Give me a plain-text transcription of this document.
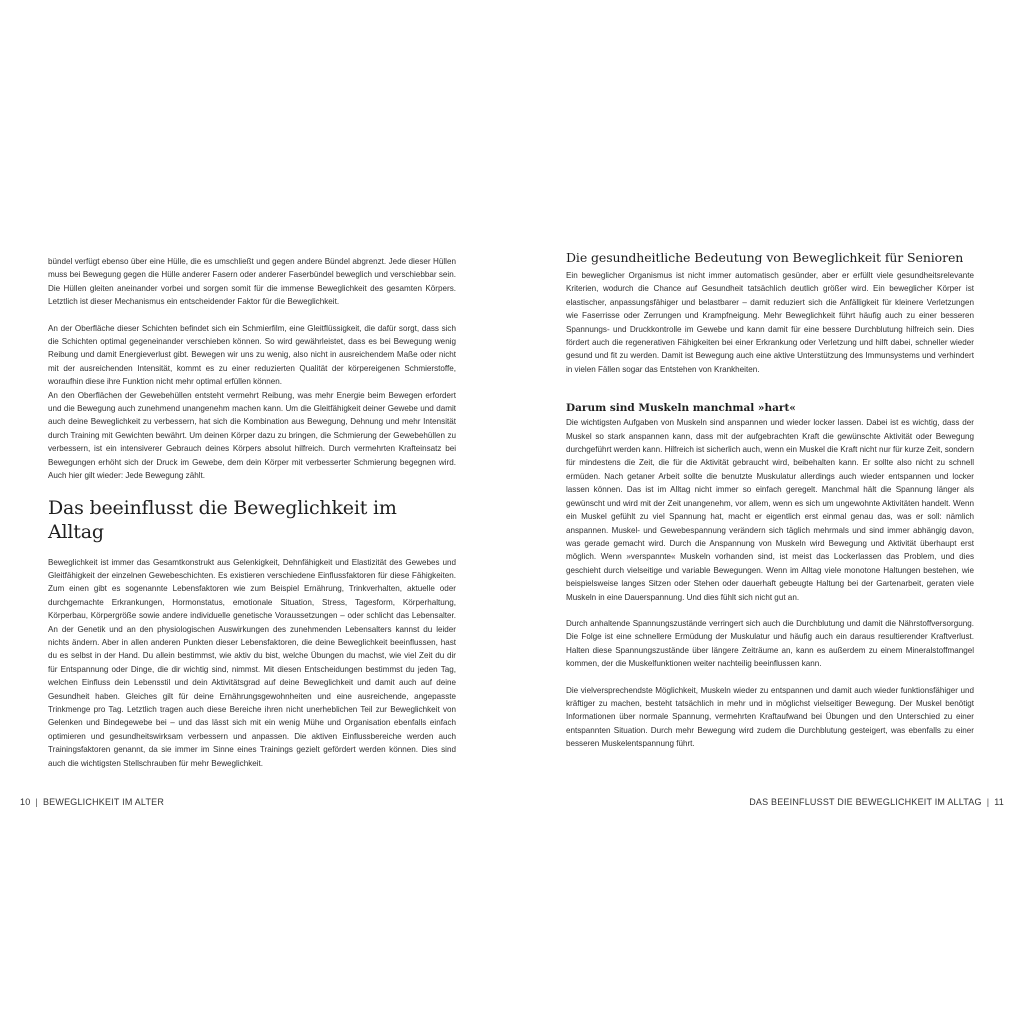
bündel verfügt ebenso über eine Hülle, die es umschließt und gegen andere Bündel abgrenzt. Jede dieser Hüllen muss bei Bewegung gegen die Hülle anderer Fasern oder anderer Faserbündel beweglich und verschiebbar sein. Die Hüllen gleiten aneinander vorbei und sorgen somit für die immense Beweglichkeit des gesamten Körpers. Letztlich ist dieser Mechanismus ein entscheidender Faktor für die Beweglichkeit.

An der Oberfläche dieser Schichten befindet sich ein Schmierfilm, eine Gleitflüssigkeit, die dafür sorgt, dass sich die Schichten optimal gegeneinander verschieben können. So wird gewährleistet, dass es bei Bewegung wenig Reibung und damit Energieverlust gibt. Bewegen wir uns zu wenig, also nicht in ausreichendem Maße oder nicht mit der ausreichenden Intensität, kommt es zu einer reduzierten Qualität der körpereigenen Schmierstoffe, woraufhin diese ihre Funktion nicht mehr optimal erfüllen können.

An den Oberflächen der Gewebehüllen entsteht vermehrt Reibung, was mehr Energie beim Bewegen erfordert und die Bewegung auch zunehmend unangenehm machen kann. Um die Gleitfähigkeit deiner Gewebe und damit auch deine Beweglichkeit zu verbessern, hat sich die Kombination aus Bewegung, Dehnung und mehr Intensität durch Training mit Gewichten bewährt. Um deinen Körper dazu zu bringen, die Schmierung der Gewebehüllen zu verbessern, ist ein intensiverer Gebrauch deines Körpers absolut hilfreich. Durch vermehrten Krafteinsatz bei Bewegungen erhöht sich der Druck im Gewebe, dem dein Körper mit verbesserter Schmierung begegnen wird. Auch hier gilt wieder: Jede Bewegung zählt.

Das beeinflusst die Beweglichkeit im Alltag

Beweglichkeit ist immer das Gesamtkonstrukt aus Gelenkigkeit, Dehnfähigkeit und Elastizität des Gewebes und Gleitfähigkeit der einzelnen Gewebeschichten. Es existieren verschiedene Einflussfaktoren für diese Fähigkeiten. Zum einen gibt es sogenannte Lebensfaktoren wie zum Beispiel Ernährung, Trinkverhalten, aktuelle oder durchgemachte Erkrankungen, Hormonstatus, emotionale Situation, Stress, Tagesform, Körperhaltung, Körperbau, Körpergröße sowie andere individuelle genetische Voraussetzungen – oder schlicht das Lebensalter. An der Genetik und an den physiologischen Auswirkungen des zunehmenden Lebensalters kannst du leider nichts ändern. Aber in allen anderen Punkten dieser Lebensfaktoren, die deine Beweglichkeit beeinflussen, hast du es selbst in der Hand. Du allein bestimmst, wie aktiv du bist, welche Übungen du machst, wie viel Zeit du dir für Entspannung oder Dinge, die dir wichtig sind, nimmst. Mit diesen Entscheidungen bestimmst du jeden Tag, welchen Einfluss dein Lebensstil und dein Aktivitätsgrad auf deine Beweglichkeit und damit auch auf deine Gesundheit haben. Gleiches gilt für deine Ernährungsgewohnheiten und eine ausreichende, angepasste Trinkmenge pro Tag. Letztlich tragen auch diese Bereiche ihren nicht unerheblichen Teil zur Beweglichkeit von Gelenken und Bindegewebe bei – und das lässt sich mit ein wenig Mühe und Organisation ebenfalls einfach optimieren und gesundheitswirksam verbessern und anpassen. Die aktiven Einflussbereiche werden auch Trainingsfaktoren genannt, da sie immer im Sinne eines Trainings gezielt gefördert werden können. Dies sind auch die wichtigsten Stellschrauben für mehr Beweglichkeit.

10 | BEWEGLICHKEIT IM ALTER
Die gesundheitliche Bedeutung von Beweglichkeit für Senioren

Ein beweglicher Organismus ist nicht immer automatisch gesünder, aber er erfüllt viele gesundheitsrelevante Kriterien, wodurch die Chance auf Gesundheit tatsächlich deutlich größer wird. Ein beweglicher Körper ist elastischer, anpassungsfähiger und belastbarer – damit reduziert sich die Anfälligkeit für kleinere Verletzungen wie Faserrisse oder Zerrungen und Krampfneigung. Mehr Beweglichkeit führt häufig auch zu einer besseren Spannungs- und Druckkontrolle im Gewebe und kann damit für eine bessere Durchblutung hilfreich sein. Dies fördert auch die regenerativen Fähigkeiten bei einer Erkrankung oder Verletzung und hilft dabei, schneller wieder gesund und fit zu werden. Damit ist Bewegung auch eine aktive Unterstützung des Immunsystems und verhindert in vielen Fällen sogar das Entstehen von Krankheiten.

Darum sind Muskeln manchmal »hart«

Die wichtigsten Aufgaben von Muskeln sind anspannen und wieder locker lassen. Dabei ist es wichtig, dass der Muskel so stark anspannen kann, dass mit der aufgebrachten Kraft die gewünschte Aktivität oder Bewegung durchgeführt werden kann. Hilfreich ist sicherlich auch, wenn ein Muskel die Kraft nicht nur für kurze Zeit, sondern für mindestens die Zeit, die für die Aktivität gebraucht wird, beibehalten kann. Er sollte also nicht zu schnell ermüden. Nach getaner Arbeit sollte die benutzte Muskulatur allerdings auch wieder entspannen und locker lassen können. Das ist im Alltag nicht immer so einfach geregelt. Manchmal hält die Spannung länger als gewünscht und wird mit der Zeit unangenehm, vor allem, wenn es sich um ungewohnte Aktivitäten handelt. Wenn ein Muskel gefühlt zu viel Spannung hat, macht er eigentlich erst einmal genau das, was er soll: nämlich anspannen. Muskel- und Gewebespannung verändern sich täglich mehrmals und sind immer abhängig davon, was gerade gemacht wird. Durch die Anspannung von Muskeln wird Bewegung und Aktivität überhaupt erst möglich. Wenn »verspannte« Muskeln vorhanden sind, ist meist das Lockerlassen das Problem, und dies geschieht durch vielseitige und variable Bewegungen. Wenn im Alltag viele monotone Haltungen bestehen, wie beispielsweise langes Sitzen oder Stehen oder dauerhaft gebeugte Haltung bei der Gartenarbeit, geraten viele Muskeln in eine Dauerspannung. Und dies fühlt sich nicht gut an.

Durch anhaltende Spannungszustände verringert sich auch die Durchblutung und damit die Nährstoffversorgung. Die Folge ist eine schnellere Ermüdung der Muskulatur und häufig auch ein daraus resultierender Kraftverlust. Halten diese Spannungszustände über längere Zeiträume an, kann es außerdem zu einem Mineralstoffmangel kommen, der die Muskelfunktionen weiter nachteilig beeinflussen kann.

Die vielversprechendste Möglichkeit, Muskeln wieder zu entspannen und damit auch wieder funktionsfähiger und kräftiger zu machen, besteht tatsächlich in mehr und in möglichst vielseitiger Bewegung. Der Muskel benötigt Informationen über normale Spannung, vermehrten Kraftaufwand bei Übungen und den Unterschied zu einer entspannten Situation. Durch mehr Bewegung wird zudem die Durchblutung gesteigert, was ebenfalls zu einer besseren Muskelentspannung führt.

DAS BEEINFLUSST DIE BEWEGLICHKEIT IM ALLTAG | 11
